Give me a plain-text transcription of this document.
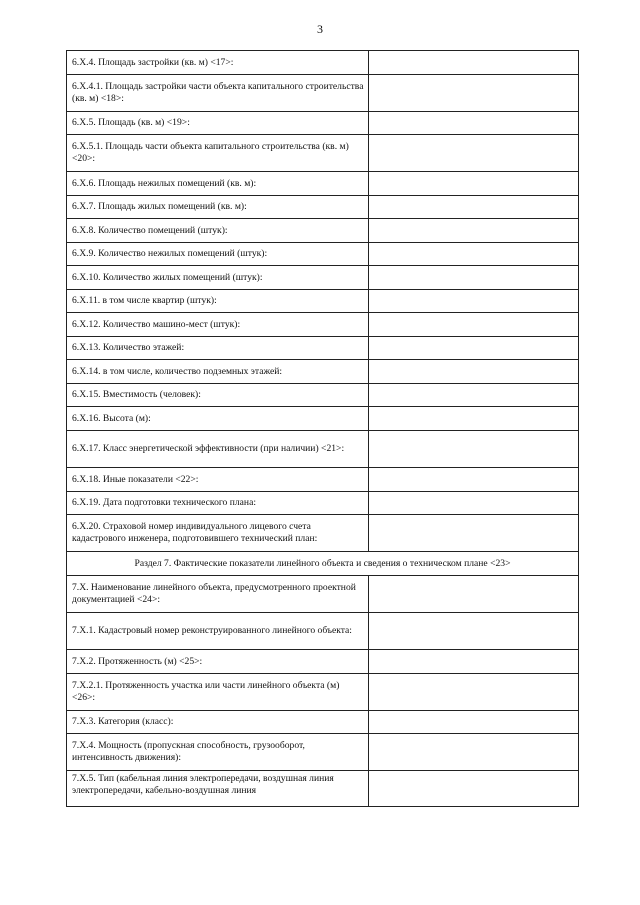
3
6.X.4. Площадь застройки (кв. м) <17>:	
6.X.4.1. Площадь застройки части объекта капитального строительства (кв. м) <18>:	
6.X.5. Площадь (кв. м) <19>:	
6.X.5.1. Площадь части объекта капитального строительства (кв. м) <20>:	
6.X.6. Площадь нежилых помещений (кв. м):	
6.X.7. Площадь жилых помещений (кв. м):	
6.X.8. Количество помещений (штук):	
6.X.9. Количество нежилых помещений (штук):	
6.X.10. Количество жилых помещений (штук):	
6.X.11. в том числе квартир (штук):	
6.X.12. Количество машино-мест (штук):	
6.X.13. Количество этажей:	
6.X.14. в том числе, количество подземных этажей:	
6.X.15. Вместимость (человек):	
6.X.16. Высота (м):	
6.X.17. Класс энергетической эффективности (при наличии) <21>:	
6.X.18. Иные показатели <22>:	
6.X.19. Дата подготовки технического плана:	
6.X.20. Страховой номер индивидуального лицевого счета кадастрового инженера, подготовившего технический план:	
Раздел 7. Фактические показатели линейного объекта и сведения о техническом плане <23>	
7.X. Наименование линейного объекта, предусмотренного проектной документацией <24>:	
7.X.1. Кадастровый номер реконструированного линейного объекта:	
7.X.2. Протяженность (м) <25>:	
7.X.2.1. Протяженность участка или части линейного объекта (м) <26>:	
7.X.3. Категория (класс):	
7.X.4. Мощность (пропускная способность, грузооборот, интенсивность движения):	
7.X.5. Тип (кабельная линия электропередачи, воздушная линия электропередачи, кабельно-воздушная линия	
